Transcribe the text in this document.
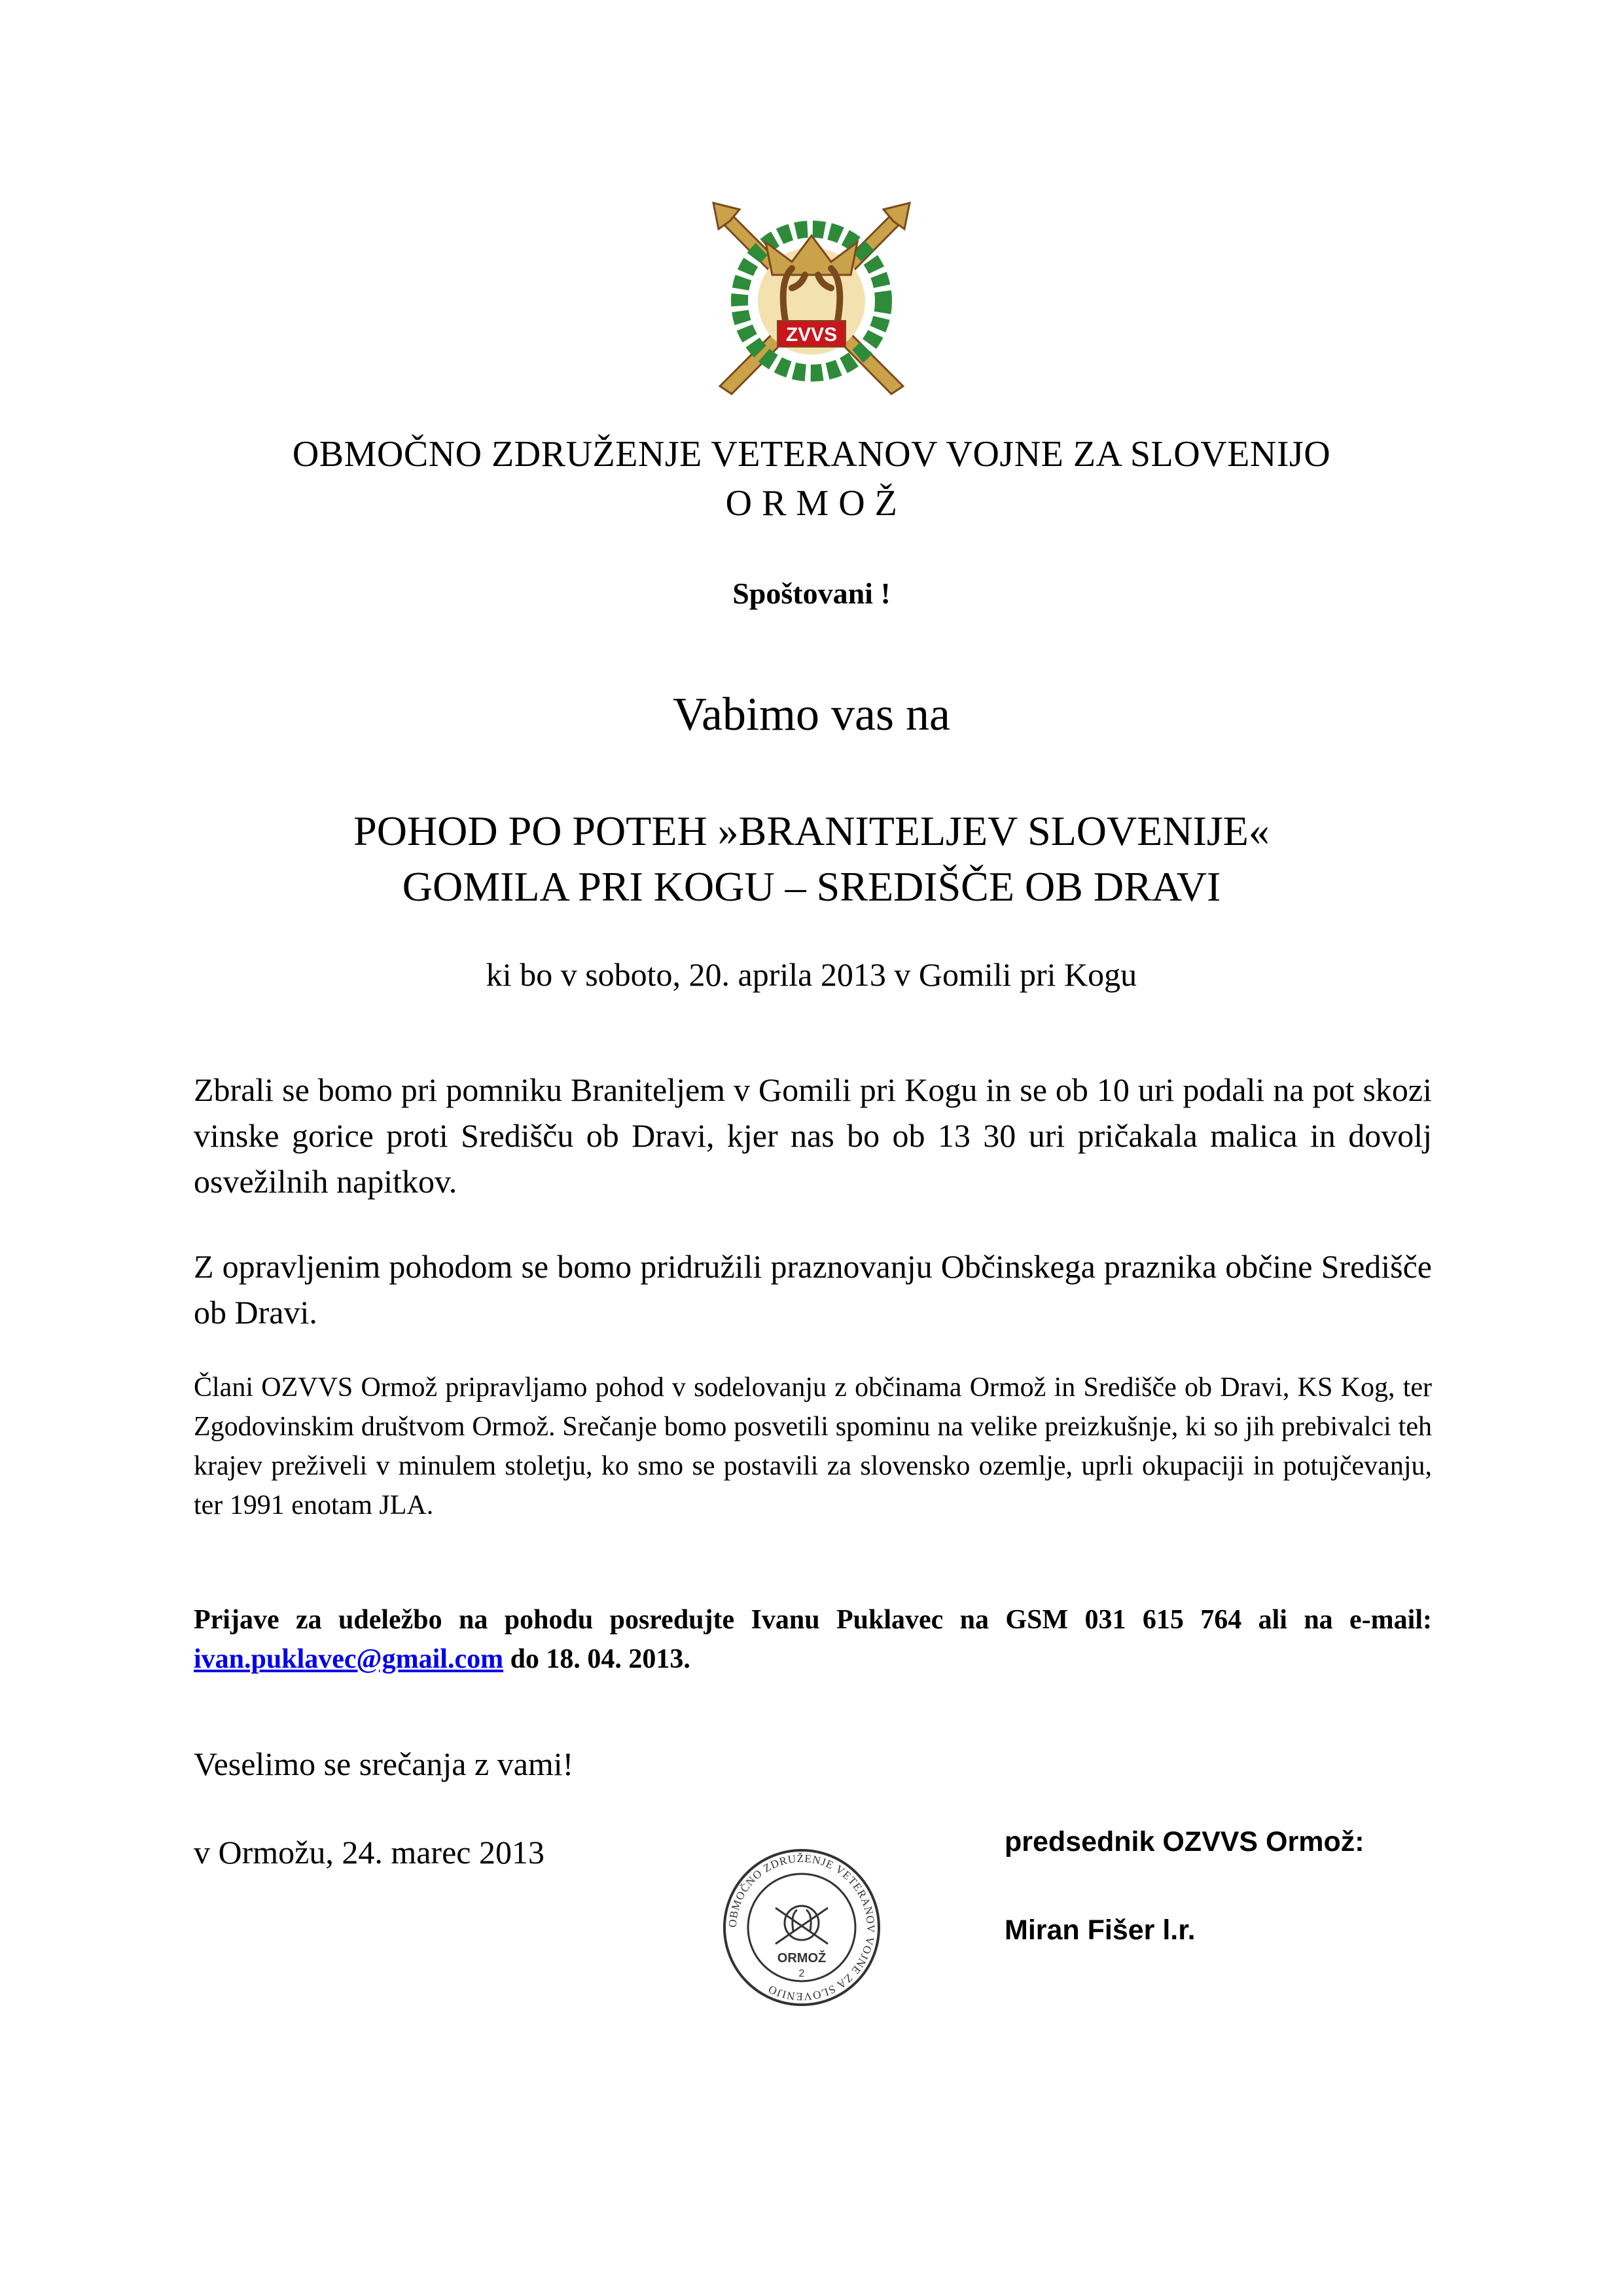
ZVVS
OBMOČNO ZDRUŽENJE VETERANOV VOJNE ZA SLOVENIJO
O R M O Ž
Spoštovani !
Vabimo vas na
POHOD PO POTEH »BRANITELJEV SLOVENIJE«
GOMILA PRI KOGU – SREDIŠČE OB DRAVI
ki bo v soboto, 20. aprila 2013 v Gomili pri Kogu
Zbrali se bomo pri pomniku Braniteljem v Gomili pri Kogu in se ob 10 uri podali na pot skozi vinske gorice proti Središču ob Dravi, kjer nas bo ob 13 30 uri pričakala malica in dovolj osvežilnih napitkov.
Z opravljenim pohodom se bomo pridružili praznovanju Občinskega praznika občine Središče ob Dravi.
Člani OZVVS Ormož pripravljamo pohod v sodelovanju z občinama Ormož in Središče ob Dravi, KS Kog, ter Zgodovinskim društvom Ormož. Srečanje bomo posvetili spominu na velike preizkušnje, ki so jih prebivalci teh krajev preživeli v minulem stoletju, ko smo se postavili za slovensko ozemlje, uprli okupaciji in potujčevanju, ter 1991 enotam JLA.
Prijave za udeležbo na pohodu posredujte Ivanu Puklavec na GSM 031 615 764 ali na e-mail: ivan.puklavec@gmail.com do 18. 04. 2013.
Veselimo se srečanja z vami!
v Ormožu, 24. marec 2013
OBMOČNO ZDRUŽENJE VETERANOV VOJNE ZA SLOVENIJO
ORMOŽ
2
predsednik OZVVS Ormož:
Miran Fišer l.r.
